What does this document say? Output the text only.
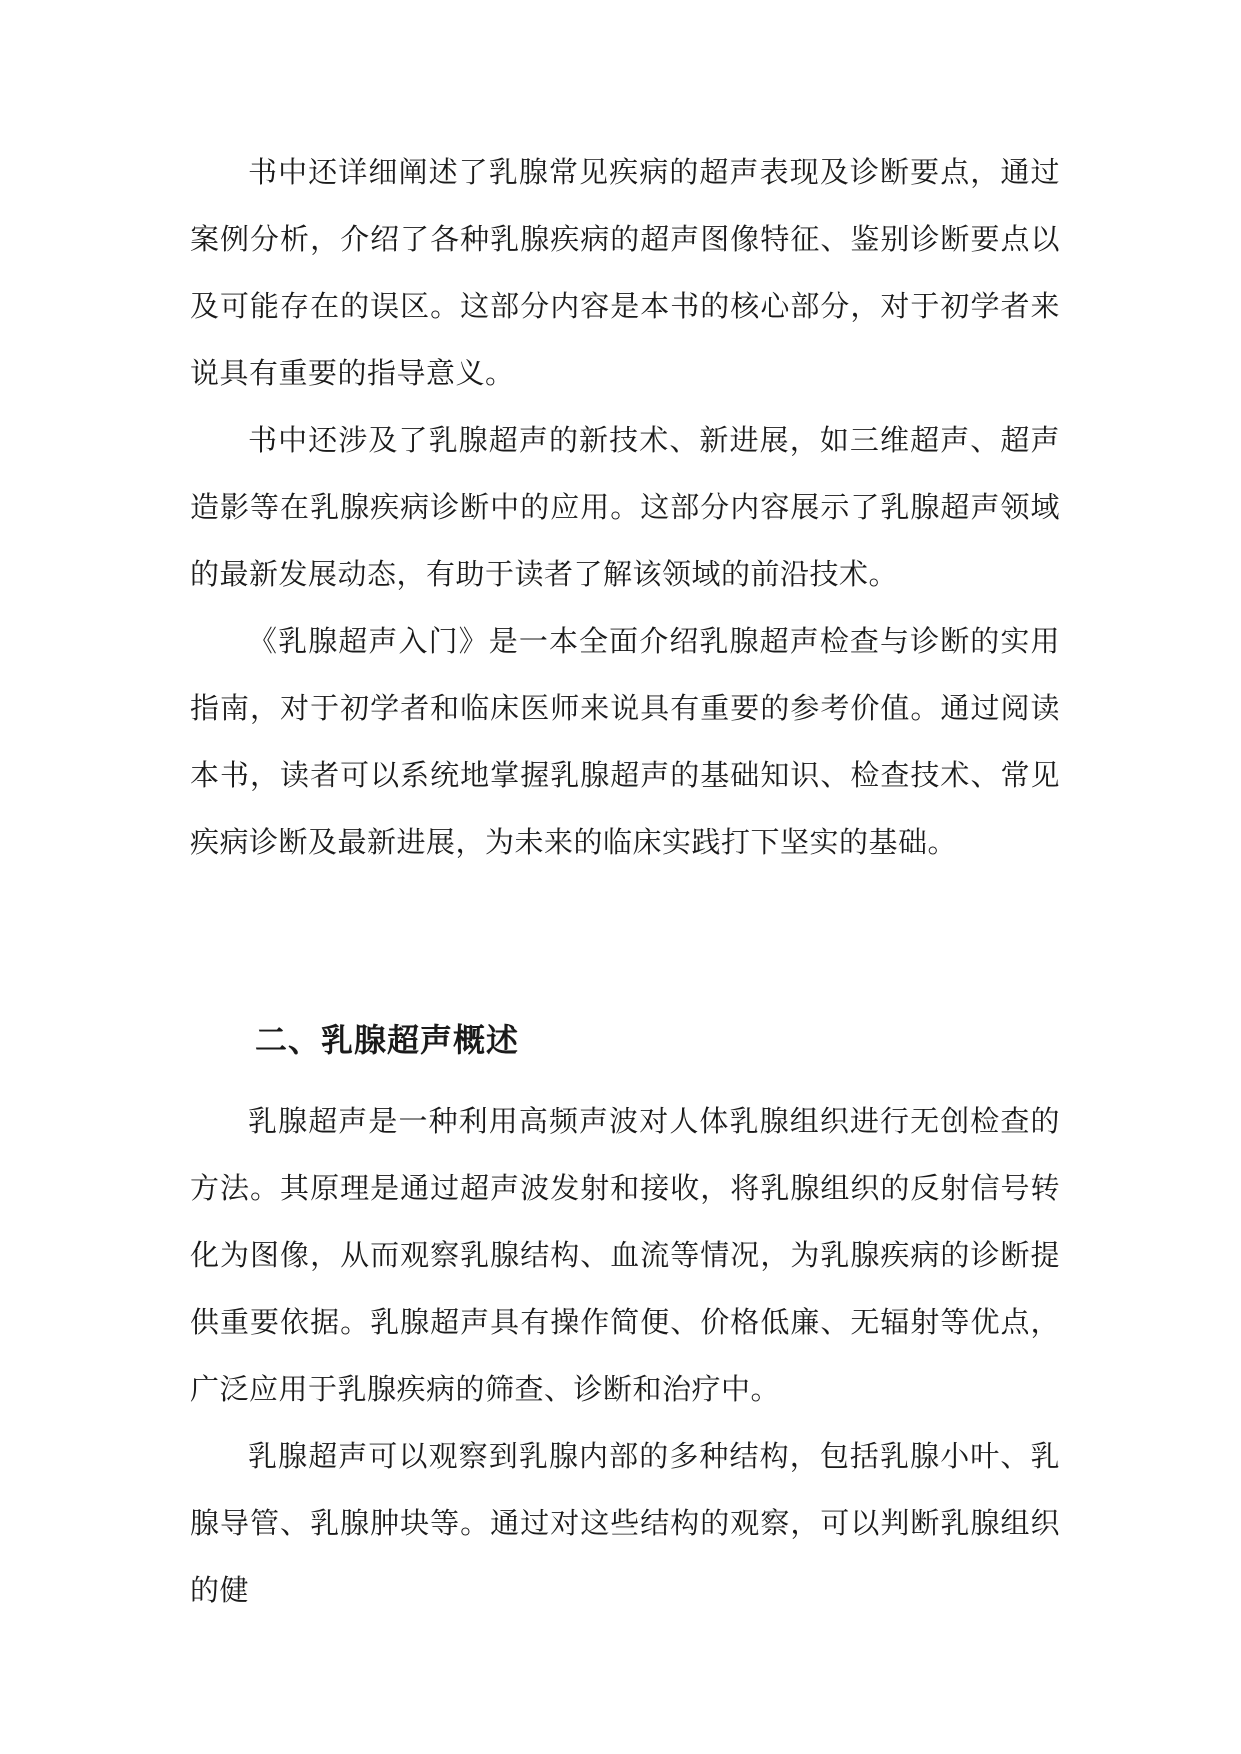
书中还详细阐述了乳腺常见疾病的超声表现及诊断要点，通过案例分析，介绍了各种乳腺疾病的超声图像特征、鉴别诊断要点以及可能存在的误区。这部分内容是本书的核心部分，对于初学者来说具有重要的指导意义。

书中还涉及了乳腺超声的新技术、新进展，如三维超声、超声造影等在乳腺疾病诊断中的应用。这部分内容展示了乳腺超声领域的最新发展动态，有助于读者了解该领域的前沿技术。

《乳腺超声入门》是一本全面介绍乳腺超声检查与诊断的实用指南，对于初学者和临床医师来说具有重要的参考价值。通过阅读本书，读者可以系统地掌握乳腺超声的基础知识、检查技术、常见疾病诊断及最新进展，为未来的临床实践打下坚实的基础。

二、乳腺超声概述

乳腺超声是一种利用高频声波对人体乳腺组织进行无创检查的方法。其原理是通过超声波发射和接收，将乳腺组织的反射信号转化为图像，从而观察乳腺结构、血流等情况，为乳腺疾病的诊断提供重要依据。乳腺超声具有操作简便、价格低廉、无辐射等优点，广泛应用于乳腺疾病的筛查、诊断和治疗中。

乳腺超声可以观察到乳腺内部的多种结构，包括乳腺小叶、乳腺导管、乳腺肿块等。通过对这些结构的观察，可以判断乳腺组织的健
